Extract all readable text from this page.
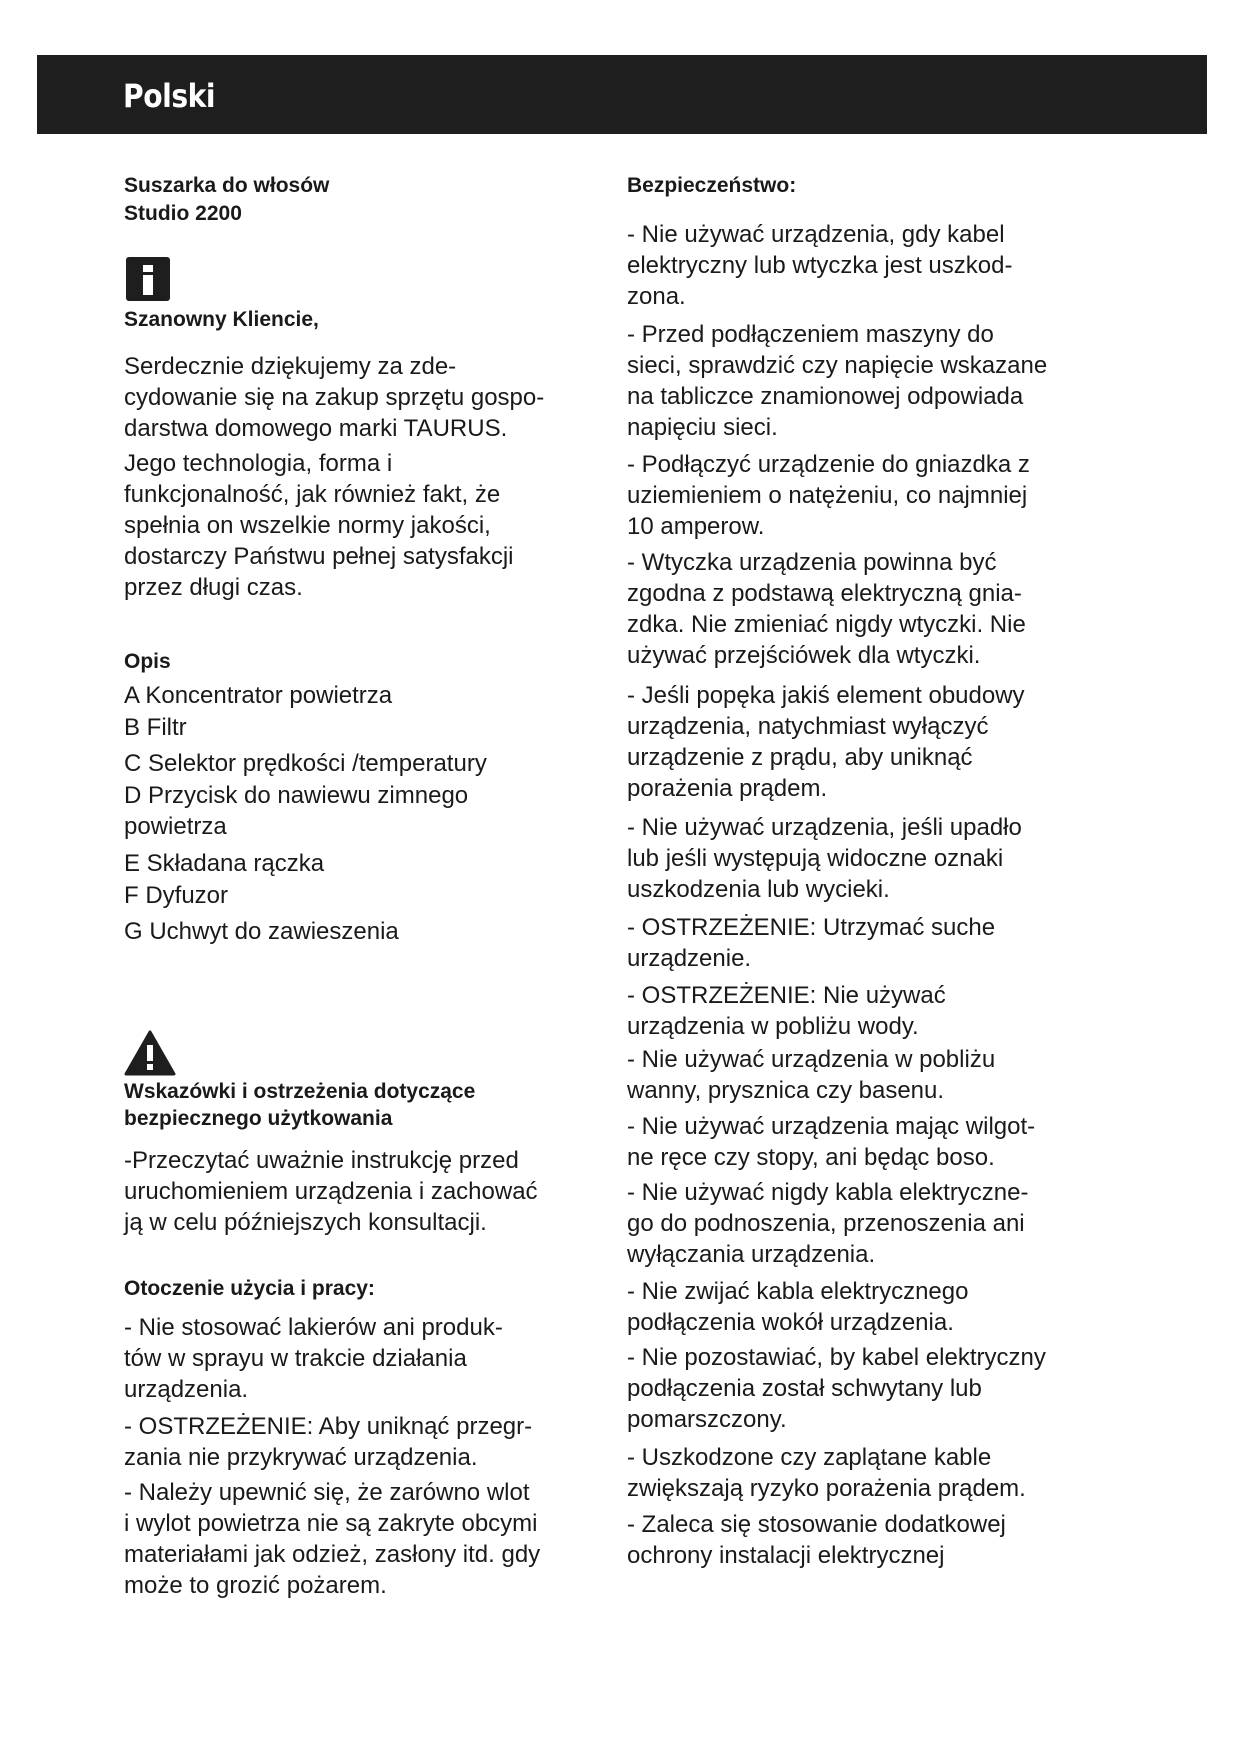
Polski
Suszarka do włosów
Studio 2200
Szanowny Kliencie,
Serdecznie dziękujemy za zde-
cydowanie się na zakup sprzętu gospo-
darstwa domowego marki TAURUS.
Jego technologia, forma i
funkcjonalność, jak również fakt, że
spełnia on wszelkie normy jakości,
dostarczy Państwu pełnej satysfakcji
przez długi czas.
Opis
A Koncentrator powietrza
B Filtr
C Selektor prędkości /temperatury
D Przycisk do nawiewu zimnego
powietrza
E Składana rączka
F Dyfuzor
G Uchwyt do zawieszenia
Wskazówki i ostrzeżenia dotyczące
bezpiecznego użytkowania
-Przeczytać uważnie instrukcję przed
uruchomieniem urządzenia i zachować
ją w celu późniejszych konsultacji.
Otoczenie użycia i pracy:
- Nie stosować lakierów ani produk-
tów w sprayu w trakcie działania
urządzenia.
- OSTRZEŻENIE: Aby uniknąć przegr-
zania nie przykrywać urządzenia.
- Należy upewnić się, że zarówno wlot
i wylot powietrza nie są zakryte obcymi
materiałami jak odzież, zasłony itd. gdy
może to grozić pożarem.
Bezpieczeństwo:
- Nie używać urządzenia, gdy kabel
elektryczny lub wtyczka jest uszkod-
zona.
- Przed podłączeniem maszyny do
sieci, sprawdzić czy napięcie wskazane
na tabliczce znamionowej odpowiada
napięciu sieci.
- Podłączyć urządzenie do gniazdka z
uziemieniem o natężeniu, co najmniej
10 amperow.
- Wtyczka urządzenia powinna być
zgodna z podstawą elektryczną gnia-
zdka. Nie zmieniać nigdy wtyczki. Nie
używać przejściówek dla wtyczki.
- Jeśli popęka jakiś element obudowy
urządzenia, natychmiast wyłączyć
urządzenie z prądu, aby uniknąć
porażenia prądem.
- Nie używać urządzenia, jeśli upadło
lub jeśli występują widoczne oznaki
uszkodzenia lub wycieki.
- OSTRZEŻENIE: Utrzymać suche
urządzenie.
- OSTRZEŻENIE: Nie używać
urządzenia w pobliżu wody.
- Nie używać urządzenia w pobliżu
wanny, prysznica czy basenu.
- Nie używać urządzenia mając wilgot-
ne ręce czy stopy, ani będąc boso.
- Nie używać nigdy kabla elektryczne-
go do podnoszenia, przenoszenia ani
wyłączania urządzenia.
- Nie zwijać kabla elektrycznego
podłączenia wokół urządzenia.
- Nie pozostawiać, by kabel elektryczny
podłączenia został schwytany lub
pomarszczony.
- Uszkodzone czy zaplątane kable
zwiększają ryzyko porażenia prądem.
- Zaleca się stosowanie dodatkowej
ochrony instalacji elektrycznej
